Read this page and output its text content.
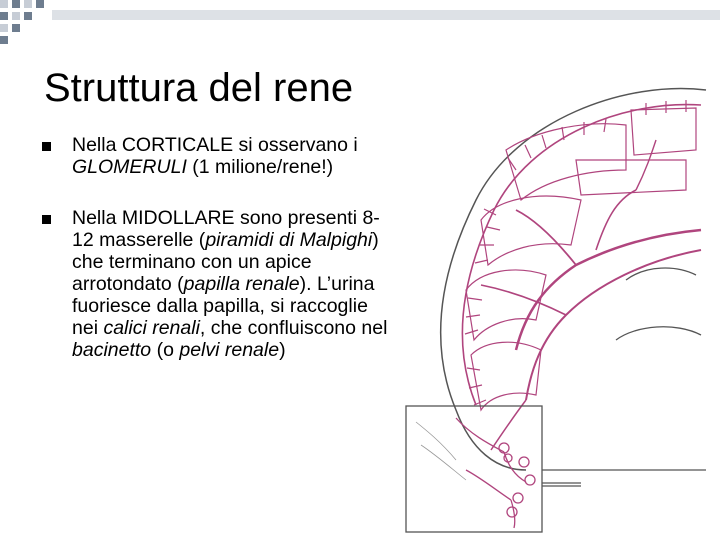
Struttura del rene
Nella CORTICALE si osservano i GLOMERULI (1 milione/rene!)
Nella MIDOLLARE sono presenti 8-12 masserelle (piramidi di Malpighi) che terminano con un apice arrotondato (papilla renale). L’urina fuoriesce dalla papilla, si raccoglie nei calici renali, che confluiscono nel bacinetto (o pelvi renale)
